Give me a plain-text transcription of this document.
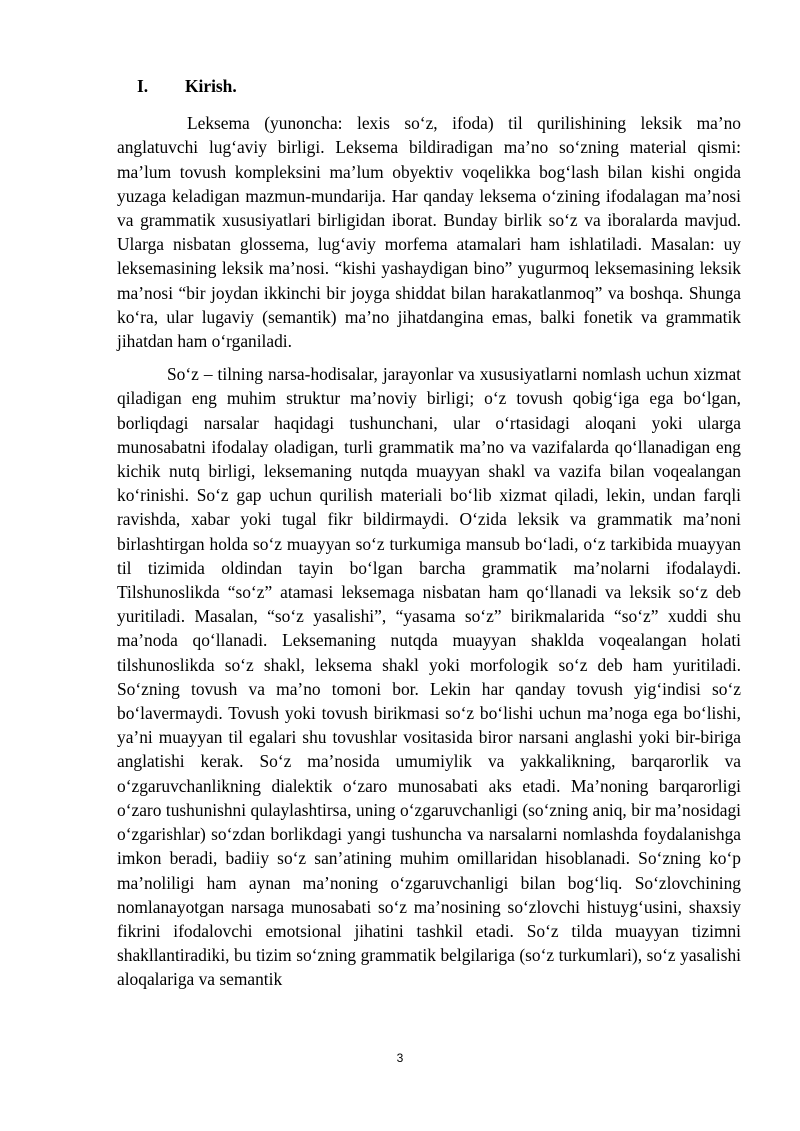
I.	Kirish.

Leksema (yunoncha: lexis so‘z, ifoda) til qurilishining leksik ma’no anglatuvchi lug‘aviy birligi. Leksema bildiradigan ma’no so‘zning material qismi: ma’lum tovush kompleksini ma’lum obyektiv voqelikka bog‘lash bilan kishi ongida yuzaga keladigan mazmun-mundarija. Har qanday leksema o‘zining ifodalagan ma’nosi va grammatik xususiyatlari birligidan iborat. Bunday birlik so‘z va iboralarda mavjud. Ularga nisbatan glossema, lug‘aviy morfema atamalari ham ishlatiladi. Masalan: uy leksemasining leksik ma’nosi. “kishi yashaydigan bino” yugurmoq leksemasining leksik ma’nosi “bir joydan ikkinchi bir joyga shiddat bilan harakatlanmoq” va boshqa. Shunga ko‘ra, ular lugaviy (semantik) ma’no jihatdangina emas, balki fonetik va grammatik jihatdan ham o‘rganiladi.

So‘z – tilning narsa-hodisalar, jarayonlar va xususiyatlarni nomlash uchun xizmat qiladigan eng muhim struktur ma’noviy birligi; o‘z tovush qobig‘iga ega bo‘lgan, borliqdagi narsalar haqidagi tushunchani, ular o‘rtasidagi aloqani yoki ularga munosabatni ifodalay oladigan, turli grammatik ma’no va vazifalarda qo‘llanadigan eng kichik nutq birligi, leksemaning nutqda muayyan shakl va vazifa bilan voqealangan ko‘rinishi. So‘z gap uchun qurilish materiali bo‘lib xizmat qiladi, lekin, undan farqli ravishda, xabar yoki tugal fikr bildirmaydi. O‘zida leksik va grammatik ma’noni birlashtirgan holda so‘z muayyan so‘z turkumiga mansub bo‘ladi, o‘z tarkibida muayyan til tizimida oldindan tayin bo‘lgan barcha grammatik ma’nolarni ifodalaydi. Tilshunoslikda “so‘z” atamasi leksemaga nisbatan ham qo‘llanadi va leksik so‘z deb yuritiladi. Masalan, “so‘z yasalishi”, “yasama so‘z” birikmalarida “so‘z” xuddi shu ma’noda qo‘llanadi. Leksemaning nutqda muayyan shaklda voqealangan holati tilshunoslikda so‘z shakl, leksema shakl yoki morfologik so‘z deb ham yuritiladi. So‘zning tovush va ma’no tomoni bor. Lekin har qanday tovush yig‘indisi so‘z bo‘lavermaydi. Tovush yoki tovush birikmasi so‘z bo‘lishi uchun ma’noga ega bo‘lishi, ya’ni muayyan til egalari shu tovushlar vositasida biror narsani anglashi yoki bir-biriga anglatishi kerak. So‘z ma’nosida umumiylik va yakkalikning, barqarorlik va o‘zgaruvchanlikning dialektik o‘zaro munosabati aks etadi. Ma’noning barqarorligi o‘zaro tushunishni qulaylashtirsa, uning o‘zgaruvchanligi (so‘zning aniq, bir ma’nosidagi o‘zgarishlar) so‘zdan borlikdagi yangi tushuncha va narsalarni nomlashda foydalanishga imkon beradi, badiiy so‘z san’atining muhim omillaridan hisoblanadi. So‘zning ko‘p ma’noliligi ham aynan ma’noning o‘zgaruvchanligi bilan bog‘liq. So‘zlovchining nomlanayotgan narsaga munosabati so‘z ma’nosining so‘zlovchi histuyg‘usini, shaxsiy fikrini ifodalovchi emotsional jihatini tashkil etadi. So‘z tilda muayyan tizimni shakllantiradiki, bu tizim so‘zning grammatik belgilariga (so‘z turkumlari), so‘z yasalishi aloqalariga va semantik

3
